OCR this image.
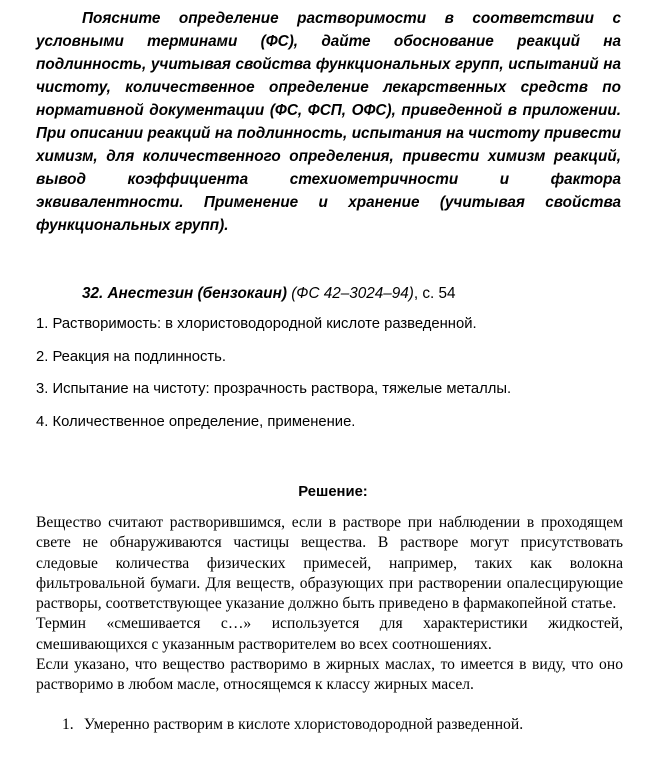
Поясните определение растворимости в соответствии с условными терминами (ФС), дайте обоснование реакций на подлинность, учитывая свойства функциональных групп, испытаний на чистоту, количественное определение лекарственных средств по нормативной документации (ФС, ФСП, ОФС), приведенной в приложении. При описании реакций на подлинность, испытания на чистоту привести химизм, для количественного определения, привести химизм реакций, вывод коэффициента стехиометричности и фактора эквивалентности. Применение и хранение (учитывая свойства функциональных групп).

32. Анестезин (бензокаин) (ФС 42–3024–94), с. 54
1. Растворимость: в хлористоводородной кислоте разведенной.
2. Реакция на подлинность.
3. Испытание на чистоту: прозрачность раствора, тяжелые металлы.
4. Количественное определение, применение.
Решение:

Вещество считают растворившимся, если в растворе при наблюдении в проходящем свете не обнаруживаются частицы вещества. В растворе могут присутствовать следовые количества физических примесей, например, таких как волокна фильтровальной бумаги. Для веществ, образующих при растворении опалесцирующие растворы, соответствующее указание должно быть приведено в фармакопейной статье.

Термин «смешивается с…» используется для характеристики жидкостей, смешивающихся с указанным растворителем во всех соотношениях.

Если указано, что вещество растворимо в жирных маслах, то имеется в виду, что оно растворимо в любом масле, относящемся к классу жирных масел.

1. Умеренно растворим в кислоте хлористоводородной разведенной.
